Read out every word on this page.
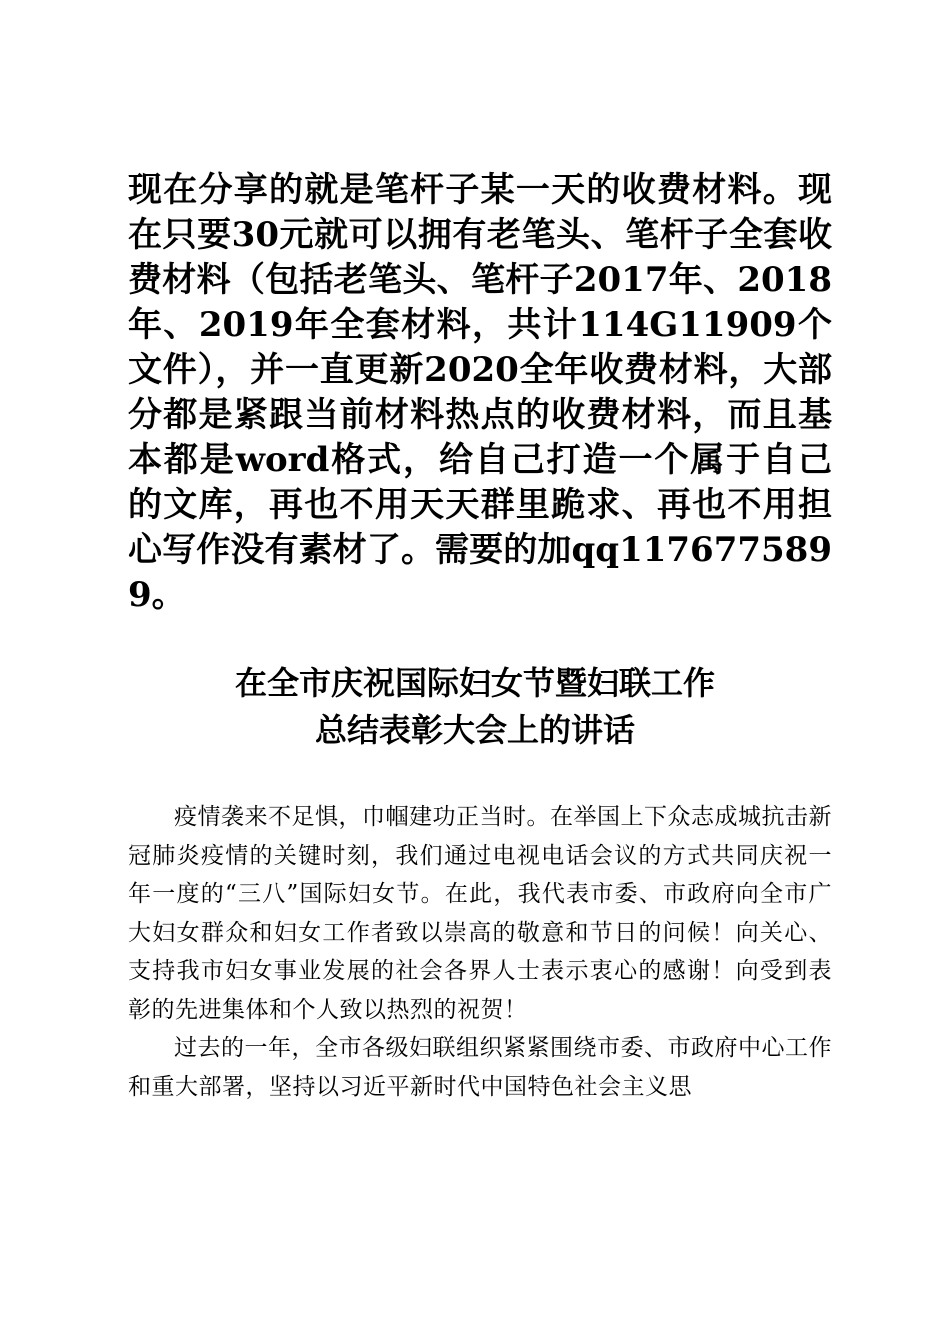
现在分享的就是笔杆子某一天的收费材料。现在只要30元就可以拥有老笔头、笔杆子全套收费材料（包括老笔头、笔杆子2017年、2018年、2019年全套材料，共计114G11909个文件），并一直更新2020全年收费材料，大部分都是紧跟当前材料热点的收费材料，而且基本都是word格式，给自己打造一个属于自己的文库，再也不用天天群里跪求、再也不用担心写作没有素材了。需要的加qq1176775899。

在全市庆祝国际妇女节暨妇联工作
总结表彰大会上的讲话

疫情袭来不足惧，巾帼建功正当时。在举国上下众志成城抗击新冠肺炎疫情的关键时刻，我们通过电视电话会议的方式共同庆祝一年一度的“三八”国际妇女节。在此，我代表市委、市政府向全市广大妇女群众和妇女工作者致以崇高的敬意和节日的问候！向关心、支持我市妇女事业发展的社会各界人士表示衷心的感谢！向受到表彰的先进集体和个人致以热烈的祝贺！

过去的一年，全市各级妇联组织紧紧围绕市委、市政府中心工作和重大部署，坚持以习近平新时代中国特色社会主义思
